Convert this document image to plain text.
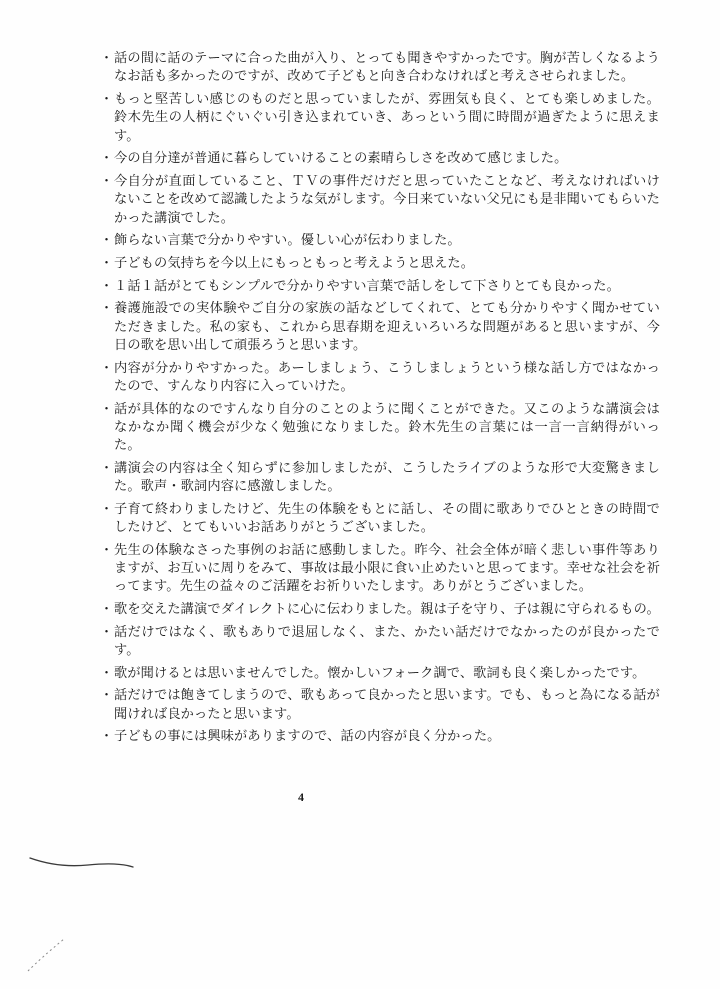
・ 話の間に話のテーマに合った曲が入り、とっても聞きやすかったです。胸が苦しくなるようなお話も多かったのですが、改めて子どもと向き合わなければと考えさせられました。
・ もっと堅苦しい感じのものだと思っていましたが、雰囲気も良く、とても楽しめました。鈴木先生の人柄にぐいぐい引き込まれていき、あっという間に時間が過ぎたように思えます。
・ 今の自分達が普通に暮らしていけることの素晴らしさを改めて感じました。
・ 今自分が直面していること、ＴＶの事件だけだと思っていたことなど、考えなければいけないことを改めて認識したような気がします。今日来ていない父兄にも是非聞いてもらいたかった講演でした。
・ 飾らない言葉で分かりやすい。優しい心が伝わりました。
・ 子どもの気持ちを今以上にもっともっと考えようと思えた。
・ １話１話がとてもシンプルで分かりやすい言葉で話しをして下さりとても良かった。
・ 養護施設での実体験やご自分の家族の話などしてくれて、とても分かりやすく聞かせていただきました。私の家も、これから思春期を迎えいろいろな問題があると思いますが、今日の歌を思い出して頑張ろうと思います。
・ 内容が分かりやすかった。あーしましょう、こうしましょうという様な話し方ではなかったので、すんなり内容に入っていけた。
・ 話が具体的なのですんなり自分のことのように聞くことができた。又このような講演会はなかなか聞く機会が少なく勉強になりました。鈴木先生の言葉には一言一言納得がいった。
・ 講演会の内容は全く知らずに参加しましたが、こうしたライブのような形で大変驚きました。歌声・歌詞内容に感激しました。
・ 子育て終わりましたけど、先生の体験をもとに話し、その間に歌ありでひとときの時間でしたけど、とてもいいお話ありがとうございました。
・ 先生の体験なさった事例のお話に感動しました。昨今、社会全体が暗く悲しい事件等ありますが、お互いに周りをみて、事故は最小限に食い止めたいと思ってます。幸せな社会を祈ってます。先生の益々のご活躍をお祈りいたします。ありがとうございました。
・ 歌を交えた講演でダイレクトに心に伝わりました。親は子を守り、子は親に守られるもの。
・ 話だけではなく、歌もありで退屈しなく、また、かたい話だけでなかったのが良かったです。
・ 歌が聞けるとは思いませんでした。懐かしいフォーク調で、歌詞も良く楽しかったです。
・ 話だけでは飽きてしまうので、歌もあって良かったと思います。でも、もっと為になる話が聞ければ良かったと思います。
・ 子どもの事には興味がありますので、話の内容が良く分かった。
4
